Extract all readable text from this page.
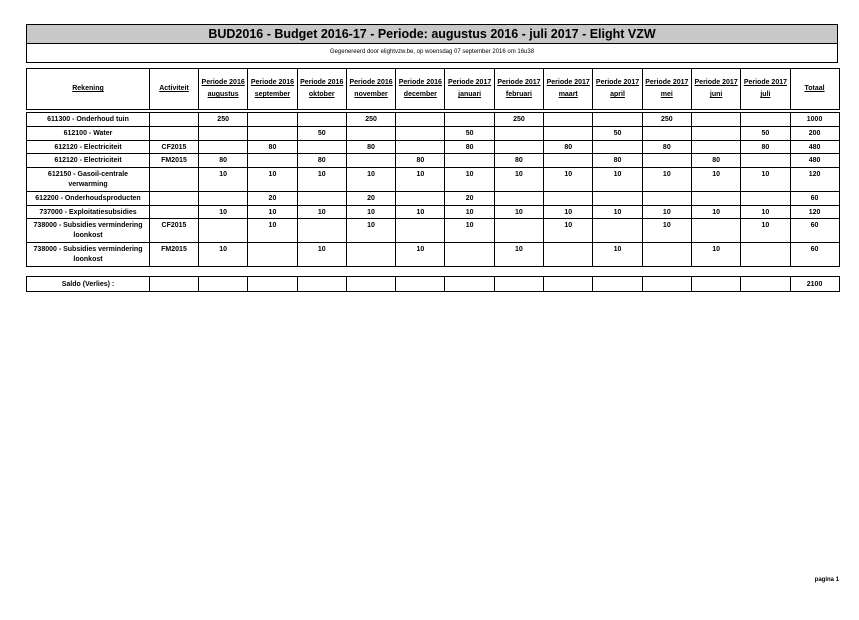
BUD2016 - Budget 2016-17 - Periode: augustus 2016 - juli 2017 - Elight VZW
Gegenereerd door elightvzw.be, op woensdag 07 september 2016 om 16u38
Rekening	Activiteit	Periode 2016 augustus	Periode 2016 september	Periode 2016 oktober	Periode 2016 november	Periode 2016 december	Periode 2017 januari	Periode 2017 februari	Periode 2017 maart	Periode 2017 april	Periode 2017 mei	Periode 2017 juni	Periode 2017 juli	Totaal

611300 - Onderhoud tuin		250			250			250			250			1000
612100 - Water				50			50			50			50	200
612120 - Electriciteit	CF2015		80		80		80		80		80		80	480
612120 - Electriciteit	FM2015	80		80		80		80		80		80		480
612150 - Gasoil-centrale verwarming		10	10	10	10	10	10	10	10	10	10	10	10	120
612200 - Onderhoudsproducten			20		20		20							60
737000 - Exploitatiesubsidies		10	10	10	10	10	10	10	10	10	10	10	10	120
738000 - Subsidies vermindering loonkost	CF2015		10		10		10		10		10		10	60
738000 - Subsidies vermindering loonkost	FM2015	10		10		10		10		10		10		60
Saldo (Verlies) :														2100
pagina 1
